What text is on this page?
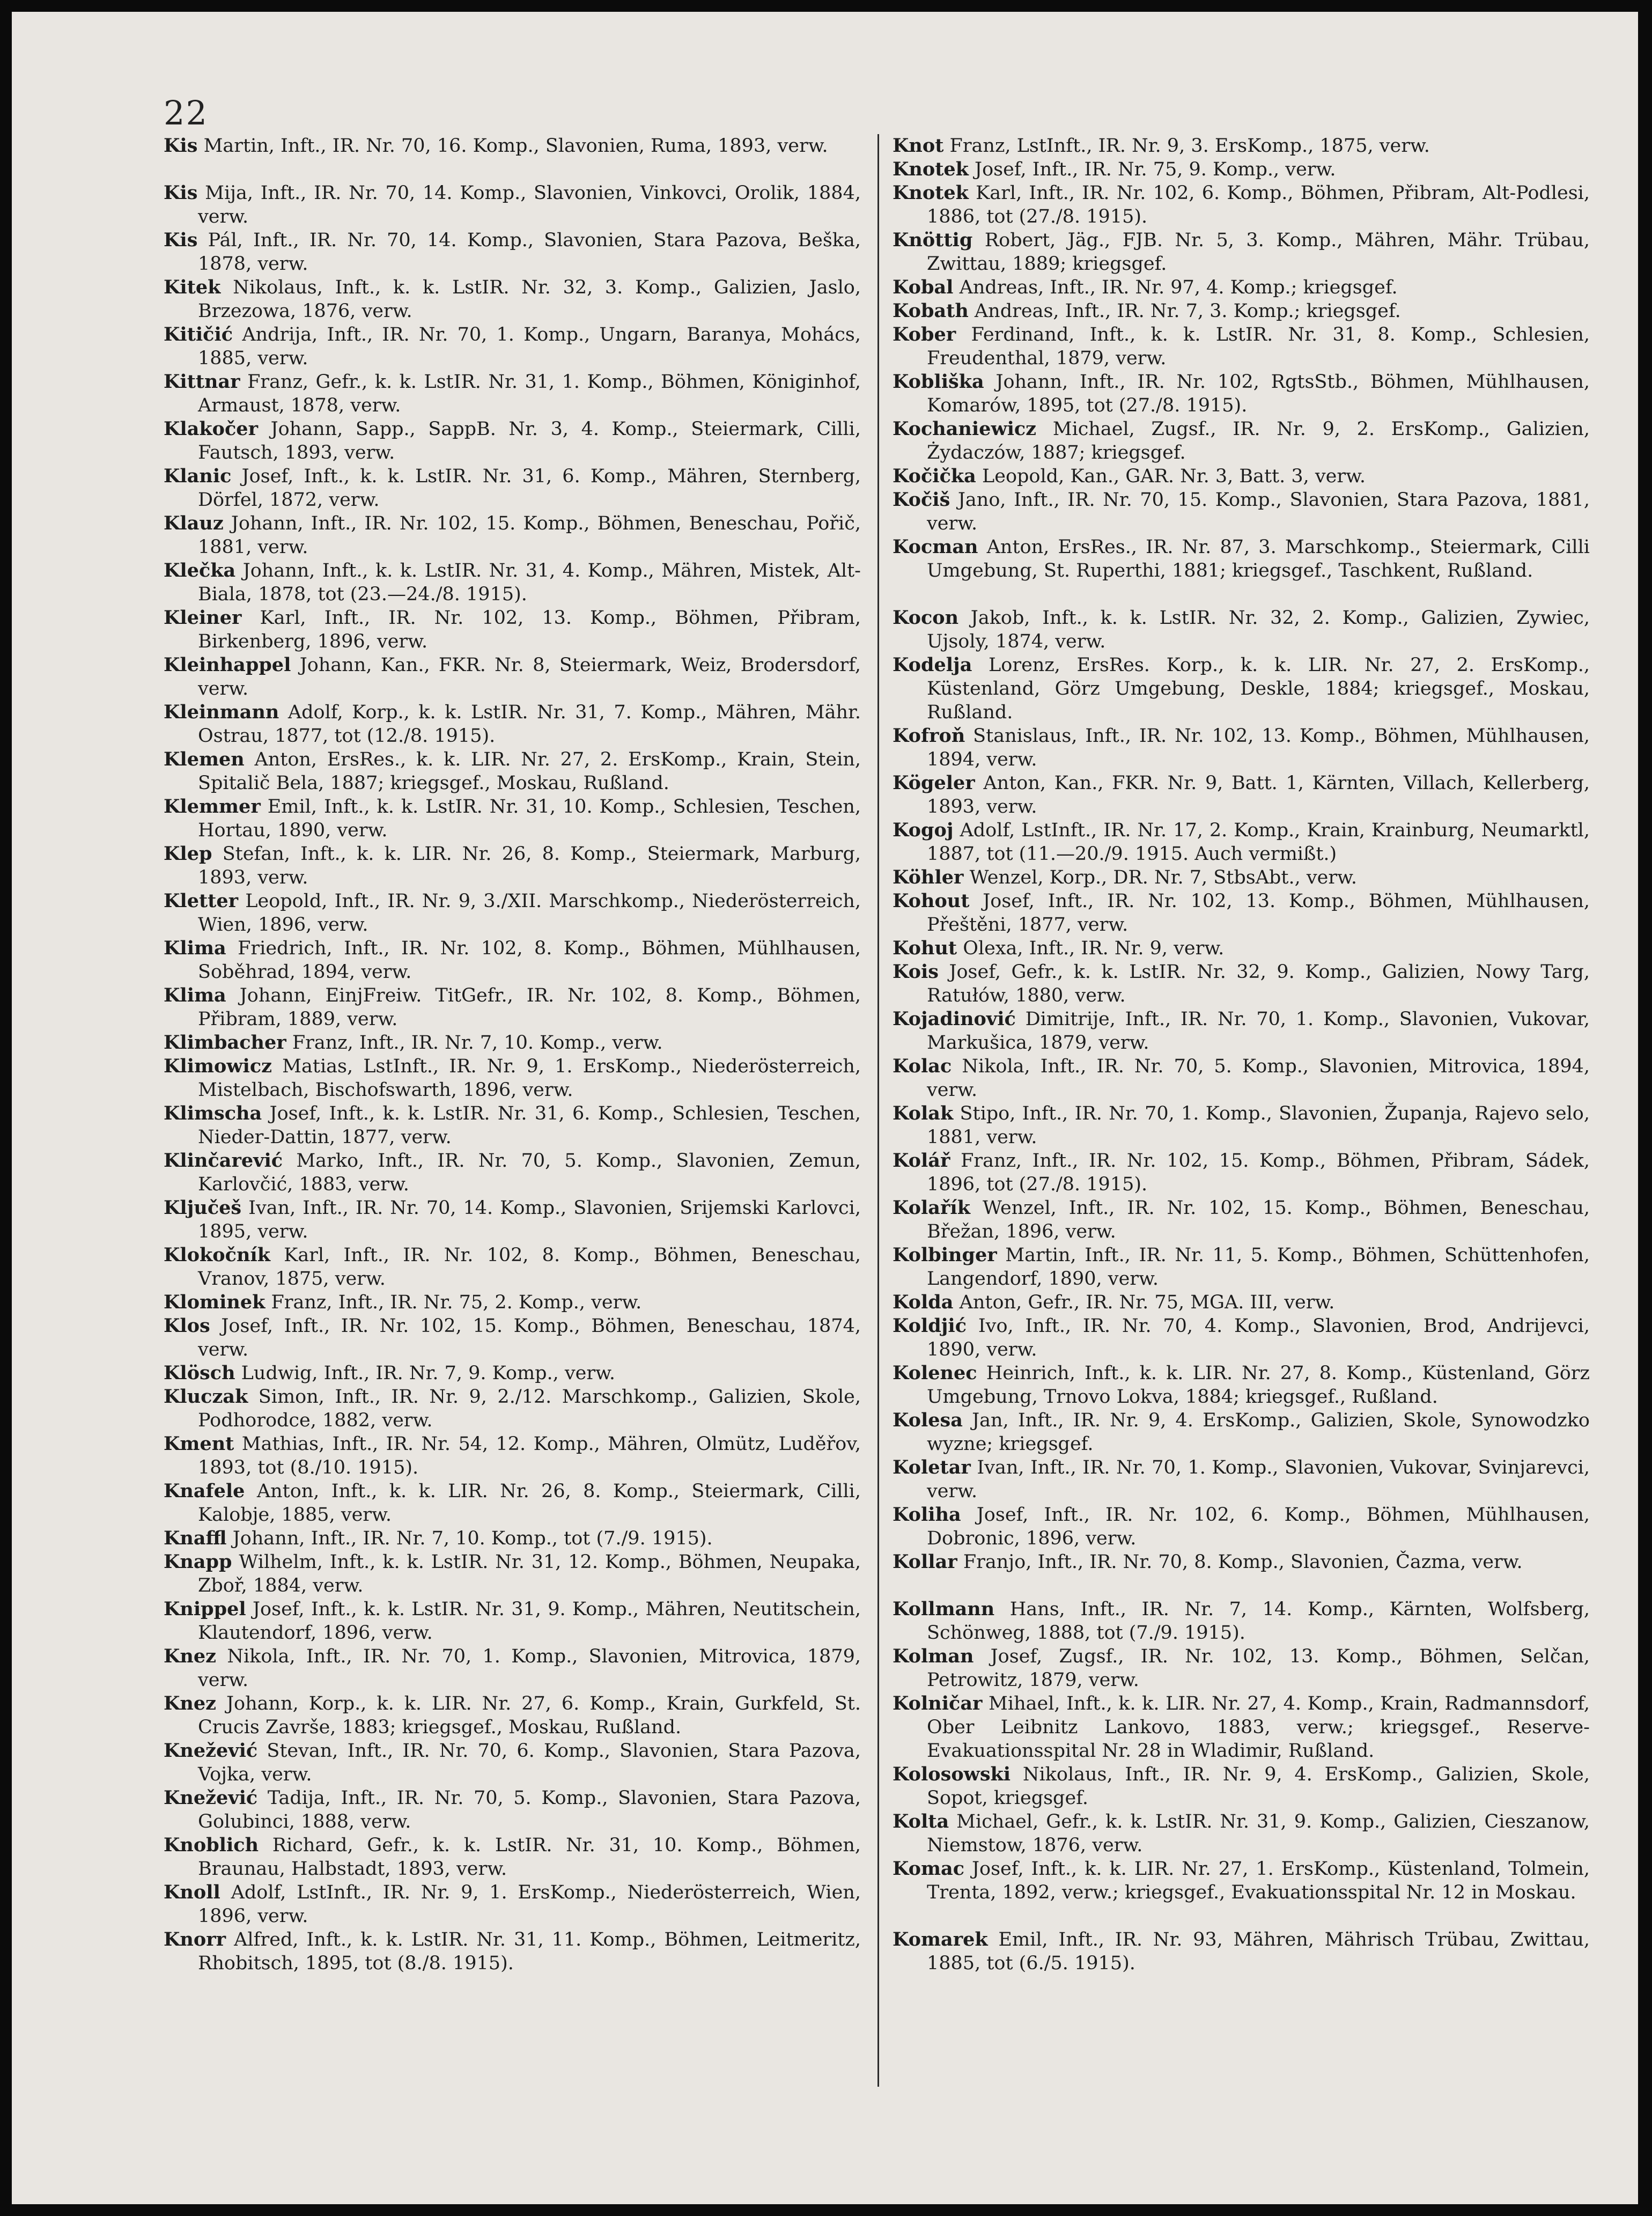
22
Kis Martin, Inft., IR. Nr. 70, 16. Komp., Slavonien, Ruma, 1893, verw.
Kis Mija, Inft., IR. Nr. 70, 14. Komp., Slavonien, Vinkovci, Orolik, 1884, verw.
Kis Pál, Inft., IR. Nr. 70, 14. Komp., Slavonien, Stara Pazova, Beška, 1878, verw.
Kitek Nikolaus, Inft., k. k. LstIR. Nr. 32, 3. Komp., Galizien, Jaslo, Brzezowa, 1876, verw.
Kitičić Andrija, Inft., IR. Nr. 70, 1. Komp., Ungarn, Baranya, Mohács, 1885, verw.
Kittnar Franz, Gefr., k. k. LstIR. Nr. 31, 1. Komp., Böhmen, Königinhof, Armaust, 1878, verw.
Klakočer Johann, Sapp., SappB. Nr. 3, 4. Komp., Steiermark, Cilli, Fautsch, 1893, verw.
Klanic Josef, Inft., k. k. LstIR. Nr. 31, 6. Komp., Mähren, Sternberg, Dörfel, 1872, verw.
Klauz Johann, Inft., IR. Nr. 102, 15. Komp., Böhmen, Beneschau, Pořič, 1881, verw.
Klečka Johann, Inft., k. k. LstIR. Nr. 31, 4. Komp., Mähren, Mistek, Alt-Biala, 1878, tot (23.—24./8. 1915).
Kleiner Karl, Inft., IR. Nr. 102, 13. Komp., Böhmen, Přibram, Birkenberg, 1896, verw.
Kleinhappel Johann, Kan., FKR. Nr. 8, Steiermark, Weiz, Brodersdorf, verw.
Kleinmann Adolf, Korp., k. k. LstIR. Nr. 31, 7. Komp., Mähren, Mähr. Ostrau, 1877, tot (12./8. 1915).
Klemen Anton, ErsRes., k. k. LIR. Nr. 27, 2. ErsKomp., Krain, Stein, Spitalič Bela, 1887; kriegsgef., Moskau, Rußland.
Klemmer Emil, Inft., k. k. LstIR. Nr. 31, 10. Komp., Schlesien, Teschen, Hortau, 1890, verw.
Klep Stefan, Inft., k. k. LIR. Nr. 26, 8. Komp., Steiermark, Marburg, 1893, verw.
Kletter Leopold, Inft., IR. Nr. 9, 3./XII. Marschkomp., Niederösterreich, Wien, 1896, verw.
Klima Friedrich, Inft., IR. Nr. 102, 8. Komp., Böhmen, Mühlhausen, Soběhrad, 1894, verw.
Klima Johann, EinjFreiw. TitGefr., IR. Nr. 102, 8. Komp., Böhmen, Přibram, 1889, verw.
Klimbacher Franz, Inft., IR. Nr. 7, 10. Komp., verw.
Klimowicz Matias, LstInft., IR. Nr. 9, 1. ErsKomp., Niederösterreich, Mistelbach, Bischofswarth, 1896, verw.
Klimscha Josef, Inft., k. k. LstIR. Nr. 31, 6. Komp., Schlesien, Teschen, Nieder-Dattin, 1877, verw.
Klinčarević Marko, Inft., IR. Nr. 70, 5. Komp., Slavonien, Zemun, Karlovčić, 1883, verw.
Ključeš Ivan, Inft., IR. Nr. 70, 14. Komp., Slavonien, Srijemski Karlovci, 1895, verw.
Klokočník Karl, Inft., IR. Nr. 102, 8. Komp., Böhmen, Beneschau, Vranov, 1875, verw.
Klominek Franz, Inft., IR. Nr. 75, 2. Komp., verw.
Klos Josef, Inft., IR. Nr. 102, 15. Komp., Böhmen, Beneschau, 1874, verw.
Klösch Ludwig, Inft., IR. Nr. 7, 9. Komp., verw.
Kluczak Simon, Inft., IR. Nr. 9, 2./12. Marschkomp., Galizien, Skole, Podhorodce, 1882, verw.
Kment Mathias, Inft., IR. Nr. 54, 12. Komp., Mähren, Olmütz, Luděřov, 1893, tot (8./10. 1915).
Knafele Anton, Inft., k. k. LIR. Nr. 26, 8. Komp., Steiermark, Cilli, Kalobje, 1885, verw.
Knaffl Johann, Inft., IR. Nr. 7, 10. Komp., tot (7./9. 1915).
Knapp Wilhelm, Inft., k. k. LstIR. Nr. 31, 12. Komp., Böhmen, Neupaka, Zboř, 1884, verw.
Knippel Josef, Inft., k. k. LstIR. Nr. 31, 9. Komp., Mähren, Neutitschein, Klautendorf, 1896, verw.
Knez Nikola, Inft., IR. Nr. 70, 1. Komp., Slavonien, Mitrovica, 1879, verw.
Knez Johann, Korp., k. k. LIR. Nr. 27, 6. Komp., Krain, Gurkfeld, St. Crucis Završe, 1883; kriegsgef., Moskau, Rußland.
Knežević Stevan, Inft., IR. Nr. 70, 6. Komp., Slavonien, Stara Pazova, Vojka, verw.
Knežević Tadija, Inft., IR. Nr. 70, 5. Komp., Slavonien, Stara Pazova, Golubinci, 1888, verw.
Knoblich Richard, Gefr., k. k. LstIR. Nr. 31, 10. Komp., Böhmen, Braunau, Halbstadt, 1893, verw.
Knoll Adolf, LstInft., IR. Nr. 9, 1. ErsKomp., Niederösterreich, Wien, 1896, verw.
Knorr Alfred, Inft., k. k. LstIR. Nr. 31, 11. Komp., Böhmen, Leitmeritz, Rhobitsch, 1895, tot (8./8. 1915).
Knot Franz, LstInft., IR. Nr. 9, 3. ErsKomp., 1875, verw.
Knotek Josef, Inft., IR. Nr. 75, 9. Komp., verw.
Knotek Karl, Inft., IR. Nr. 102, 6. Komp., Böhmen, Přibram, Alt-Podlesi, 1886, tot (27./8. 1915).
Knöttig Robert, Jäg., FJB. Nr. 5, 3. Komp., Mähren, Mähr. Trübau, Zwittau, 1889; kriegsgef.
Kobal Andreas, Inft., IR. Nr. 97, 4. Komp.; kriegsgef.
Kobath Andreas, Inft., IR. Nr. 7, 3. Komp.; kriegsgef.
Kober Ferdinand, Inft., k. k. LstIR. Nr. 31, 8. Komp., Schlesien, Freudenthal, 1879, verw.
Kobliška Johann, Inft., IR. Nr. 102, RgtsStb., Böhmen, Mühlhausen, Komarów, 1895, tot (27./8. 1915).
Kochaniewicz Michael, Zugsf., IR. Nr. 9, 2. ErsKomp., Galizien, Żydaczów, 1887; kriegsgef.
Kočička Leopold, Kan., GAR. Nr. 3, Batt. 3, verw.
Kočiš Jano, Inft., IR. Nr. 70, 15. Komp., Slavonien, Stara Pazova, 1881, verw.
Kocman Anton, ErsRes., IR. Nr. 87, 3. Marschkomp., Steiermark, Cilli Umgebung, St. Ruperthi, 1881; kriegsgef., Taschkent, Rußland.
Kocon Jakob, Inft., k. k. LstIR. Nr. 32, 2. Komp., Galizien, Zywiec, Ujsoly, 1874, verw.
Kodelja Lorenz, ErsRes. Korp., k. k. LIR. Nr. 27, 2. ErsKomp., Küstenland, Görz Umgebung, Deskle, 1884; kriegsgef., Moskau, Rußland.
Kofroň Stanislaus, Inft., IR. Nr. 102, 13. Komp., Böhmen, Mühlhausen, 1894, verw.
Kögeler Anton, Kan., FKR. Nr. 9, Batt. 1, Kärnten, Villach, Kellerberg, 1893, verw.
Kogoj Adolf, LstInft., IR. Nr. 17, 2. Komp., Krain, Krainburg, Neumarktl, 1887, tot (11.—20./9. 1915. Auch vermißt.)
Köhler Wenzel, Korp., DR. Nr. 7, StbsAbt., verw.
Kohout Josef, Inft., IR. Nr. 102, 13. Komp., Böhmen, Mühlhausen, Přeštěni, 1877, verw.
Kohut Olexa, Inft., IR. Nr. 9, verw.
Kois Josef, Gefr., k. k. LstIR. Nr. 32, 9. Komp., Galizien, Nowy Targ, Ratułów, 1880, verw.
Kojadinović Dimitrije, Inft., IR. Nr. 70, 1. Komp., Slavonien, Vukovar, Markušica, 1879, verw.
Kolac Nikola, Inft., IR. Nr. 70, 5. Komp., Slavonien, Mitrovica, 1894, verw.
Kolak Stipo, Inft., IR. Nr. 70, 1. Komp., Slavonien, Županja, Rajevo selo, 1881, verw.
Kolář Franz, Inft., IR. Nr. 102, 15. Komp., Böhmen, Přibram, Sádek, 1896, tot (27./8. 1915).
Kolařík Wenzel, Inft., IR. Nr. 102, 15. Komp., Böhmen, Beneschau, Břežan, 1896, verw.
Kolbinger Martin, Inft., IR. Nr. 11, 5. Komp., Böhmen, Schüttenhofen, Langendorf, 1890, verw.
Kolda Anton, Gefr., IR. Nr. 75, MGA. III, verw.
Koldjić Ivo, Inft., IR. Nr. 70, 4. Komp., Slavonien, Brod, Andrijevci, 1890, verw.
Kolenec Heinrich, Inft., k. k. LIR. Nr. 27, 8. Komp., Küstenland, Görz Umgebung, Trnovo Lokva, 1884; kriegsgef., Rußland.
Kolesa Jan, Inft., IR. Nr. 9, 4. ErsKomp., Galizien, Skole, Synowodzko wyzne; kriegsgef.
Koletar Ivan, Inft., IR. Nr. 70, 1. Komp., Slavonien, Vukovar, Svinjarevci, verw.
Koliha Josef, Inft., IR. Nr. 102, 6. Komp., Böhmen, Mühlhausen, Dobronic, 1896, verw.
Kollar Franjo, Inft., IR. Nr. 70, 8. Komp., Slavonien, Čazma, verw.
Kollmann Hans, Inft., IR. Nr. 7, 14. Komp., Kärnten, Wolfsberg, Schönweg, 1888, tot (7./9. 1915).
Kolman Josef, Zugsf., IR. Nr. 102, 13. Komp., Böhmen, Selčan, Petrowitz, 1879, verw.
Kolničar Mihael, Inft., k. k. LIR. Nr. 27, 4. Komp., Krain, Radmannsdorf, Ober Leibnitz Lankovo, 1883, verw.; kriegsgef., Reserve-Evakuationsspital Nr. 28 in Wladimir, Rußland.
Kolosowski Nikolaus, Inft., IR. Nr. 9, 4. ErsKomp., Galizien, Skole, Sopot, kriegsgef.
Kolta Michael, Gefr., k. k. LstIR. Nr. 31, 9. Komp., Galizien, Cieszanow, Niemstow, 1876, verw.
Komac Josef, Inft., k. k. LIR. Nr. 27, 1. ErsKomp., Küstenland, Tolmein, Trenta, 1892, verw.; kriegsgef., Evakuationsspital Nr. 12 in Moskau.
Komarek Emil, Inft., IR. Nr. 93, Mähren, Mährisch Trübau, Zwittau, 1885, tot (6./5. 1915).
